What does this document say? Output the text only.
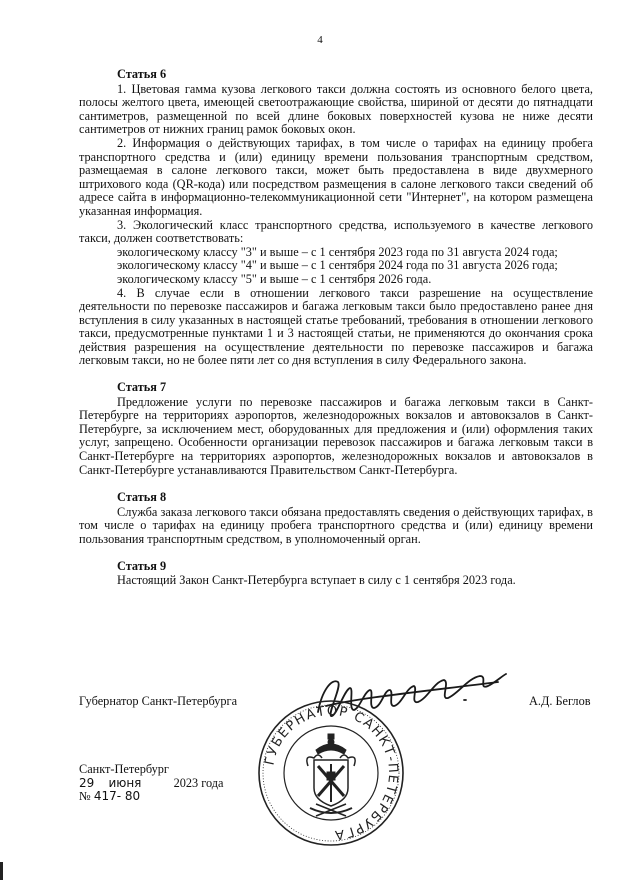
4

Статья 6

1. Цветовая гамма кузова легкового такси должна состоять из основного белого цвета, полосы желтого цвета, имеющей светоотражающие свойства, шириной от десяти до пятнадцати сантиметров, размещенной по всей длине боковых поверхностей кузова не ниже десяти сантиметров от нижних границ рамок боковых окон.

2. Информация о действующих тарифах, в том числе о тарифах на единицу пробега транспортного средства и (или) единицу времени пользования транспортным средством, размещаемая в салоне легкового такси, может быть предоставлена в виде двухмерного штрихового кода (QR-кода) или посредством размещения в салоне легкового такси сведений об адресе сайта в информационно-телекоммуникационной сети "Интернет", на котором размещена указанная информация.

3. Экологический класс транспортного средства, используемого в качестве легкового такси, должен соответствовать:

экологическому классу "3" и выше – с 1 сентября 2023 года по 31 августа 2024 года;

экологическому классу "4" и выше – с 1 сентября 2024 года по 31 августа 2026 года;

экологическому классу "5" и выше – с 1 сентября 2026 года.

4. В случае если в отношении легкового такси разрешение на осуществление деятельности по перевозке пассажиров и багажа легковым такси было предоставлено ранее дня вступления в силу указанных в настоящей статье требований, требования в отношении легкового такси, предусмотренные пунктами 1 и 3 настоящей статьи, не применяются до окончания срока действия разрешения на осуществление деятельности по перевозке пассажиров и багажа легковым такси, но не более пяти лет со дня вступления в силу Федерального закона.

Статья 7

Предложение услуги по перевозке пассажиров и багажа легковым такси в Санкт-Петербурге на территориях аэропортов, железнодорожных вокзалов и автовокзалов в Санкт-Петербурге, за исключением мест, оборудованных для предложения и (или) оформления таких услуг, запрещено. Особенности организации перевозок пассажиров и багажа легковым такси в Санкт-Петербурге на территориях аэропортов, железнодорожных вокзалов и автовокзалов в Санкт-Петербурге устанавливаются Правительством Санкт-Петербурга.

Статья 8

Служба заказа легкового такси обязана предоставлять сведения о действующих тарифах, в том числе о тарифах на единицу пробега транспортного средства и (или) единицу времени пользования транспортным средством, в уполномоченный орган.

Статья 9

Настоящий Закон Санкт-Петербурга вступает в силу с 1 сентября 2023 года.

Губернатор Санкт-Петербурга	А.Д. Беглов
ГУБЕРНАТОР САНКТ-ПЕТЕРБУРГА
Санкт-Петербург
29 июня	2023 года
№ 417- 80
